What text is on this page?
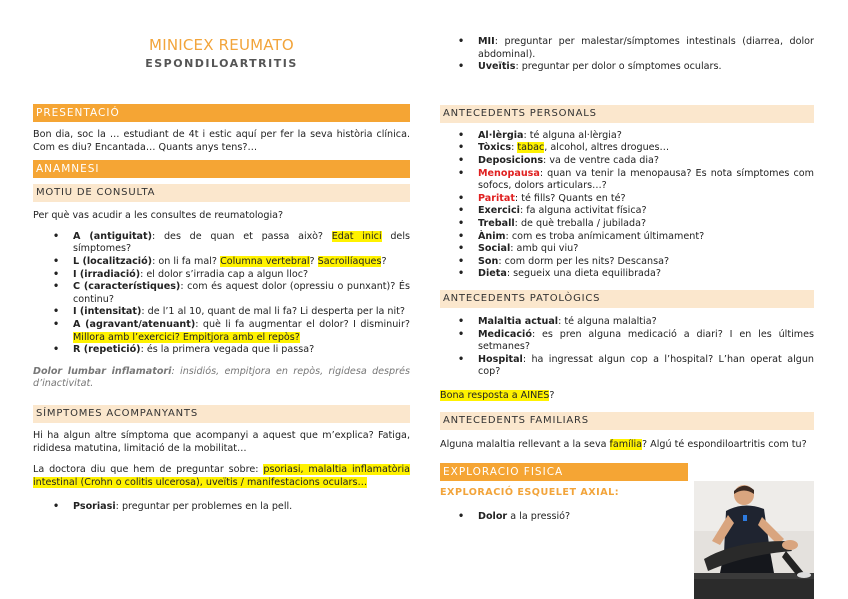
MINICEX REUMATO
ESPONDILOARTRITIS
PRESENTACIÓ

Bon dia, soc la … estudiant de 4t i estic aquí per fer la seva història clínica. Com es diu? Encantada… Quants anys tens?…

ANAMNESI
MOTIU DE CONSULTA

Per què vas acudir a les consultes de reumatologia?

• A (antiguitat): des de quan et passa això? Edat inici dels símptomes?
• L (localització): on li fa mal? Columna vertebral? Sacroilíaques?
• I (irradiació): el dolor s’irradia cap a algun lloc?
• C (característiques): com és aquest dolor (opressiu o punxant)? És continu?
• I (intensitat): de l’1 al 10, quant de mal li fa? Li desperta per la nit?
• A (agravant/atenuant): què li fa augmentar el dolor? I disminuir? Millora amb l’exercici? Empitjora amb el repòs?
• R (repetició): és la primera vegada que li passa?

Dolor lumbar inflamatori: insidiós, empitjora en repòs, rigidesa després d’inactivitat.

SÍMPTOMES ACOMPANYANTS

Hi ha algun altre símptoma que acompanyi a aquest que m’explica? Fatiga, rididesa matutina, limitació de la mobilitat…

La doctora diu que hem de preguntar sobre: psoriasi, malaltia inflamatòria intestinal (Crohn o colitis ulcerosa), uveïtis / manifestacions oculars…

• Psoriasi: preguntar per problemes en la pell.
• MII: preguntar per malestar/símptomes intestinals (diarrea, dolor abdominal).
• Uveïtis: preguntar per dolor o símptomes oculars.
ANTECEDENTS PERSONALS
• Al·lèrgia: té alguna al·lèrgia?
• Tòxics: tabac, alcohol, altres drogues…
• Deposicions: va de ventre cada dia?
• Menopausa: quan va tenir la menopausa? Es nota símptomes com sofocs, dolors articulars…?
• Paritat: té fills? Quants en té?
• Exercici: fa alguna activitat física?
• Treball: de què treballa / jubilada?
• Ànim: com es troba anímicament últimament?
• Social: amb qui viu?
• Son: com dorm per les nits? Descansa?
• Dieta: segueix una dieta equilibrada?
ANTECEDENTS PATOLÒGICS
• Malaltia actual: té alguna malaltia?
• Medicació: es pren alguna medicació a diari? I en les últimes setmanes?
• Hospital: ha ingressat algun cop a l’hospital? L’han operat algun cop?

Bona resposta a AINES?

ANTECEDENTS FAMILIARS

Alguna malaltia rellevant a la seva família? Algú té espondiloartritis com tu?

EXPLORACIO FISICA
EXPLORACIÓ ESQUELET AXIAL:
• Dolor a la pressió?
